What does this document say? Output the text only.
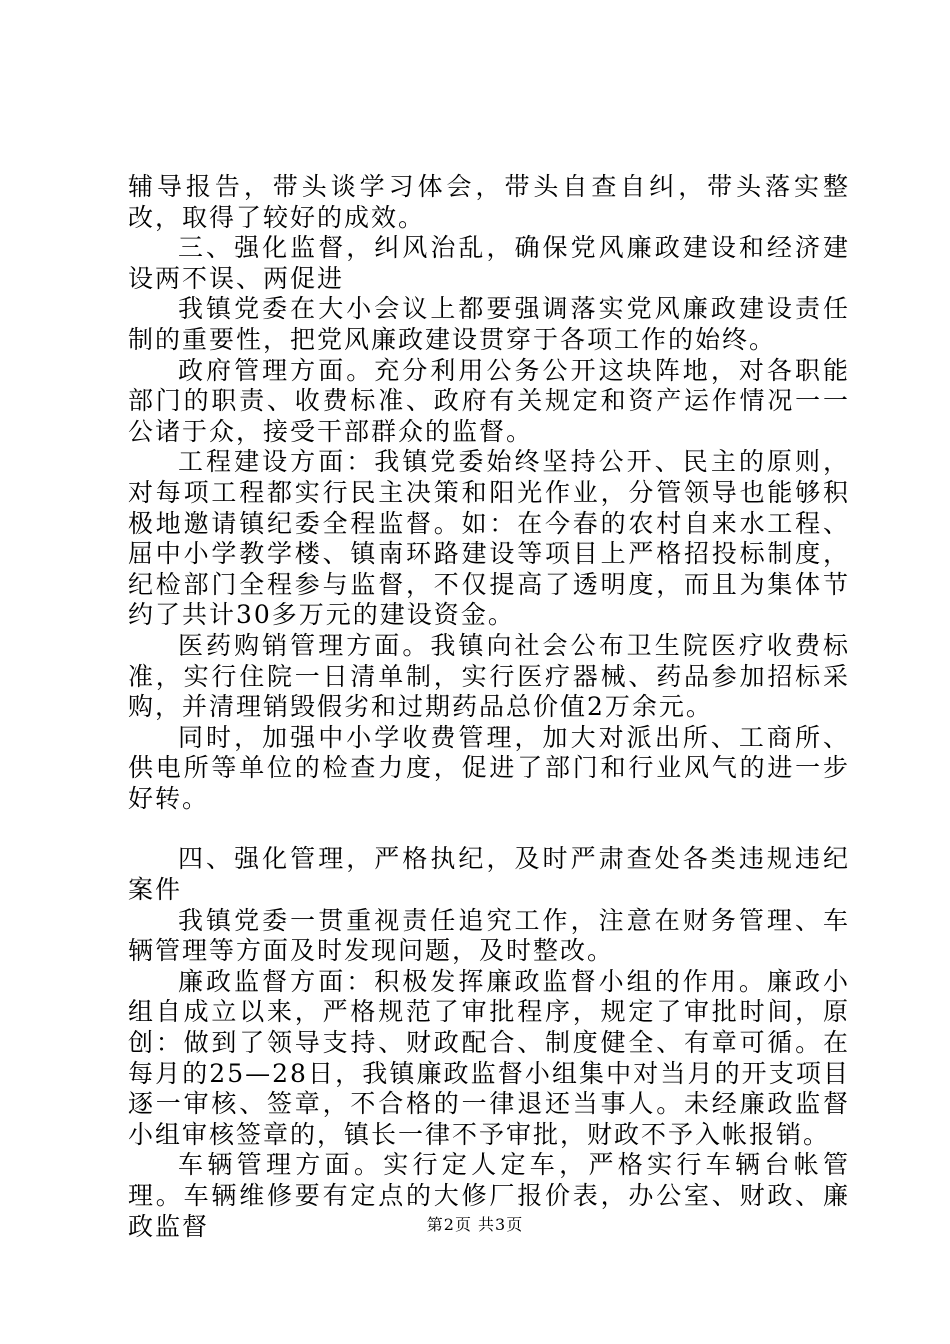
辅导报告，带头谈学习体会，带头自查自纠，带头落实整改，取得了较好的成效。

三、强化监督，纠风治乱，确保党风廉政建设和经济建设两不误、两促进

我镇党委在大小会议上都要强调落实党风廉政建设责任制的重要性，把党风廉政建设贯穿于各项工作的始终。

政府管理方面。充分利用公务公开这块阵地，对各职能部门的职责、收费标准、政府有关规定和资产运作情况一一公诸于众，接受干部群众的监督。

工程建设方面：我镇党委始终坚持公开、民主的原则，对每项工程都实行民主决策和阳光作业，分管领导也能够积极地邀请镇纪委全程监督。如：在今春的农村自来水工程、屈中小学教学楼、镇南环路建设等项目上严格招投标制度，纪检部门全程参与监督，不仅提高了透明度，而且为集体节约了共计30多万元的建设资金。

医药购销管理方面。我镇向社会公布卫生院医疗收费标准，实行住院一日清单制，实行医疗器械、药品参加招标采购，并清理销毁假劣和过期药品总价值2万余元。

同时，加强中小学收费管理，加大对派出所、工商所、供电所等单位的检查力度，促进了部门和行业风气的进一步好转。

四、强化管理，严格执纪，及时严肃查处各类违规违纪案件

我镇党委一贯重视责任追究工作，注意在财务管理、车辆管理等方面及时发现问题，及时整改。

廉政监督方面：积极发挥廉政监督小组的作用。廉政小组自成立以来，严格规范了审批程序，规定了审批时间，原创：做到了领导支持、财政配合、制度健全、有章可循。在每月的25—28日，我镇廉政监督小组集中对当月的开支项目逐一审核、签章，不合格的一律退还当事人。未经廉政监督小组审核签章的，镇长一律不予审批，财政不予入帐报销。

车辆管理方面。实行定人定车，严格实行车辆台帐管理。车辆维修要有定点的大修厂报价表，办公室、财政、廉政监督	第2页 共3页
